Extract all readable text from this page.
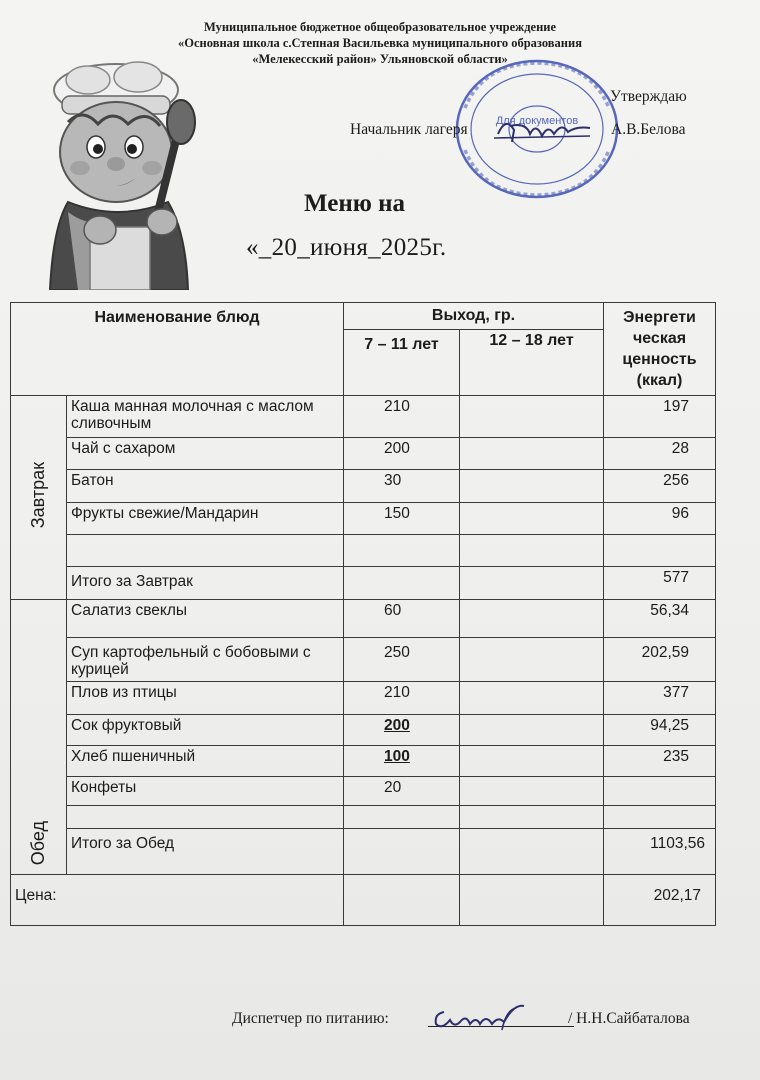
Муниципальное бюджетное общеобразовательное учреждение
«Основная школа с.Степная Васильевка муниципального образования
«Мелекесский район» Ульяновской области»
Для документов
Утверждаю
Начальник лагеря	А.В.Белова
Меню на
«_20_июня_2025г.
Наименование блюд		Выход, гр.		Энергети ческая ценность (ккал)
		7 – 11 лет	12 – 18 лет	
Завтрак	Каша манная молочная с маслом сливочным	210		197
	Чай с сахаром	200		28
	Батон	30		256
	Фрукты свежие/Мандарин	150		96

	Итого за Завтрак			577
Обед	Салатиз свеклы	60		56,34
	Суп картофельный с бобовыми с курицей	250		202,59
	Плов из птицы	210		377
	Сок фруктовый	200		94,25
	Хлеб пшеничный	100		235
	Конфеты	20		

	Итого за Обед			1103,56
Цена:				202,17
Диспетчер по питанию:	/ Н.Н.Сайбаталова
